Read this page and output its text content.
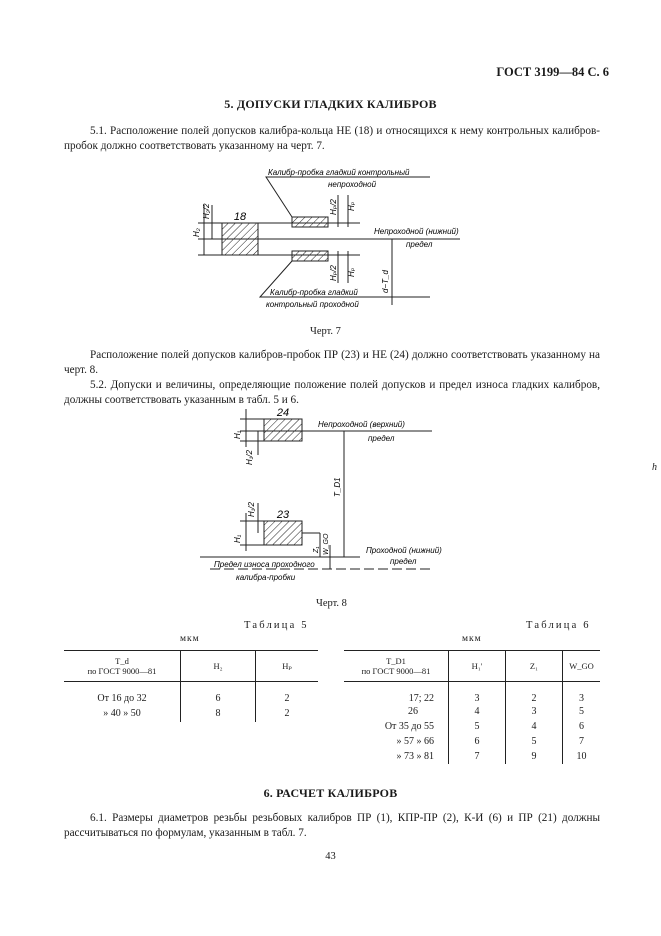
ГОСТ 3199—84 С. 6
5. ДОПУСКИ ГЛАДКИХ КАЛИБРОВ
5.1. Расположение полей допусков калибра-кольца НЕ (18) и относящихся к нему контрольных калибров-пробок должно соответствовать указанному на черт. 7.
18
Калибр-пробка гладкий контрольный
непроходной
Калибр-пробка гладкий
контрольный проходной
Непроходной (нижний)
предел
H₂
H₂/2	Hₚ/2 Hₚ
Hₚ/2 Hₚ	d−T_d
Черт. 7
Расположение полей допусков калибров-пробок ПР (23) и НЕ (24) должно соответствовать указанному на черт. 8.
5.2. Допуски и величины, определяющие положение полей допусков и предел износа гладких калибров, должны соответствовать указанным в табл. 5 и 6.
24
23
Непроходной (верхний)
предел
Проходной (нижний)
предел
Предел износа проходного
калибра-пробки
H₁
H₁/2
H₁
H₁/2
T_D1
Z₁ W_GO
Черт. 8
h
Таблица 5
мкм
T_d
по ГОСТ 9000—81	H₂	Hₚ
От 16 до 32	6	2
» 40 » 50	8	2
Таблица 6
мкм
T_D1
по ГОСТ 9000—81	H₁'	Z₁	W_GO
17; 22	3	2	3
26	4	3	5
От 35 до 55	5	4	6
» 57 » 66	6	5	7
» 73 » 81	7	9	10
6. РАСЧЕТ КАЛИБРОВ
6.1. Размеры диаметров резьбы резьбовых калибров ПР (1), КПР-ПР (2), К-И (6) и ПР (21) должны рассчитываться по формулам, указанным в табл. 7.
43
